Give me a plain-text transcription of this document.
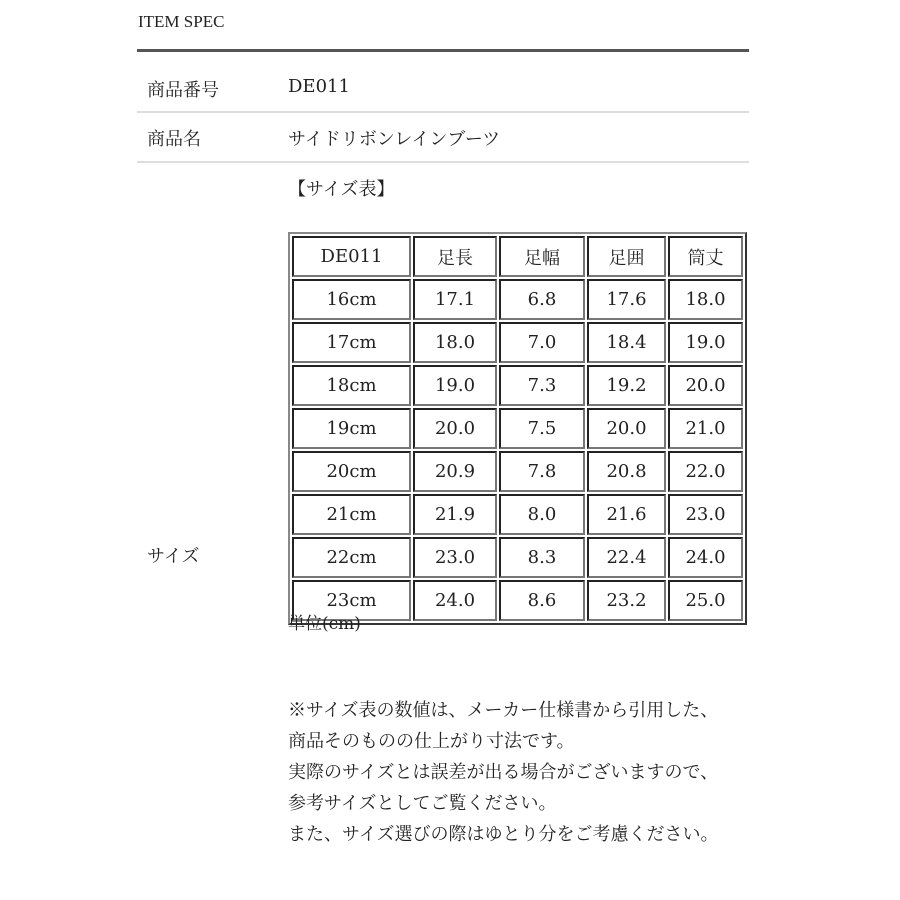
ITEM SPEC
商品番号	DE011
商品名	サイドリボンレインブーツ
サイズ
【サイズ表】
DE011	足長	足幅	足囲	筒丈
16cm	17.1	6.8	17.6	18.0
17cm	18.0	7.0	18.4	19.0
18cm	19.0	7.3	19.2	20.0
19cm	20.0	7.5	20.0	21.0
20cm	20.9	7.8	20.8	22.0
21cm	21.9	8.0	21.6	23.0
22cm	23.0	8.3	22.4	24.0
23cm	24.0	8.6	23.2	25.0
単位(cm)
※サイズ表の数値は、メーカー仕様書から引用した、商品そのものの仕上がり寸法です。
実際のサイズとは誤差が出る場合がございますので、参考サイズとしてご覧ください。
また、サイズ選びの際はゆとり分をご考慮ください。
